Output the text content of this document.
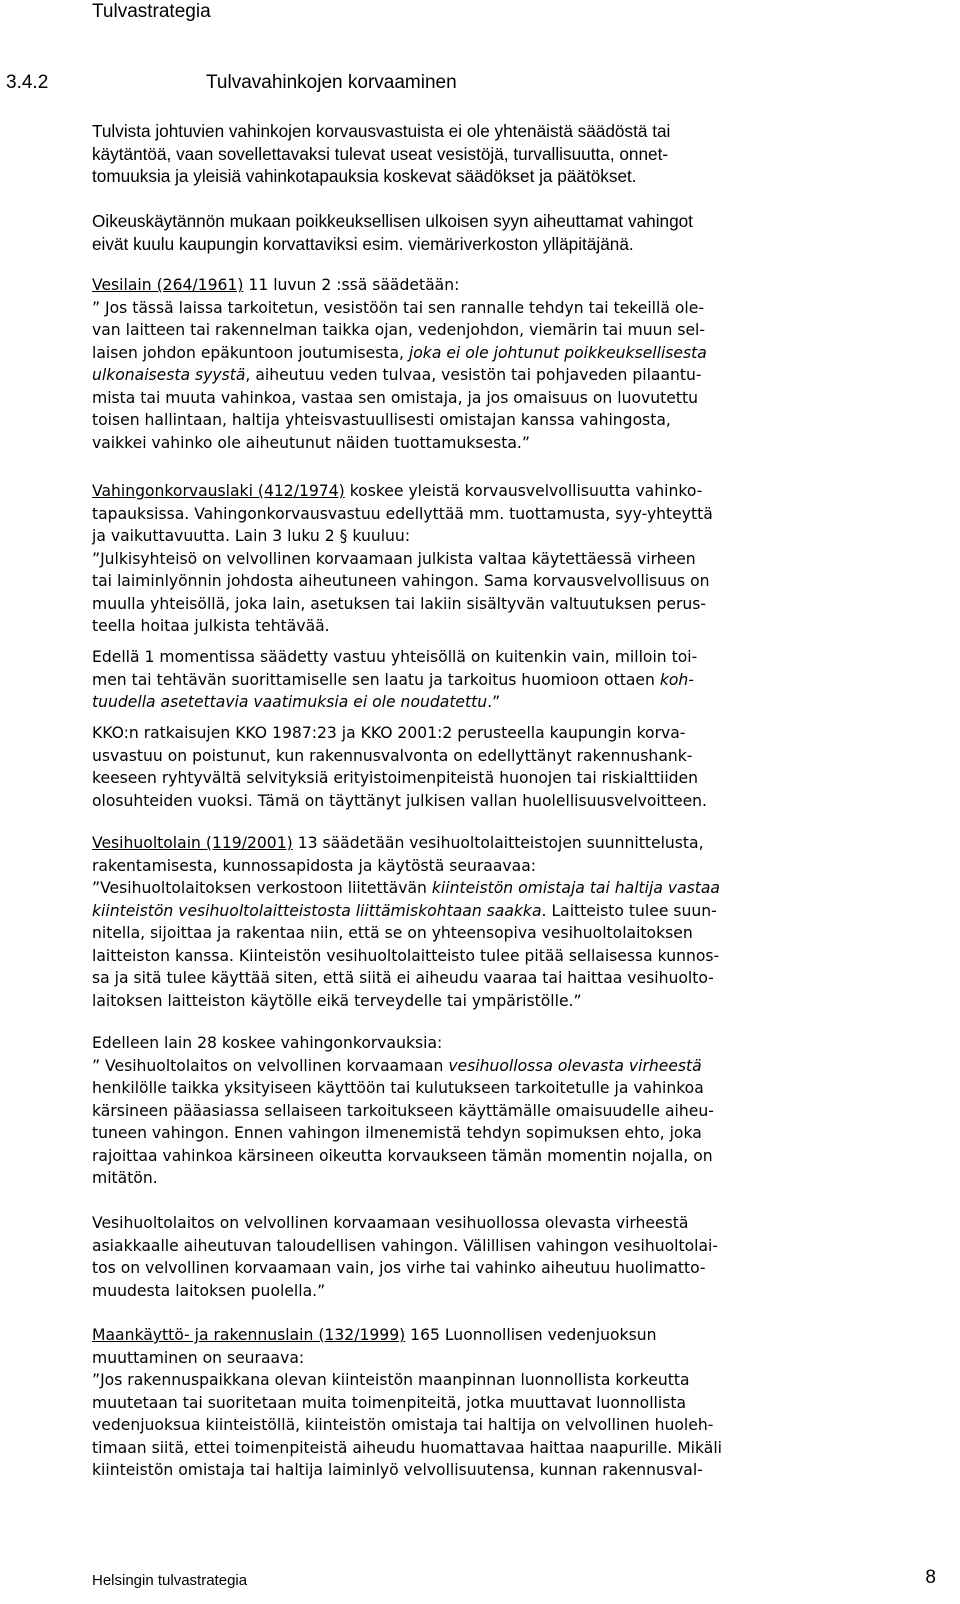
Tulvastrategia
3.4.2	Tulvavahinkojen korvaaminen

Tulvista johtuvien vahinkojen korvausvastuista ei ole yhtenäistä säädöstä tai

käytäntöä, vaan sovellettavaksi tulevat useat vesistöjä, turvallisuutta, onnet-

tomuuksia ja yleisiä vahinkotapauksia koskevat säädökset ja päätökset.

Oikeuskäytännön mukaan poikkeuksellisen ulkoisen syyn aiheuttamat vahingot

eivät kuulu kaupungin korvattaviksi esim. viemäriverkoston ylläpitäjänä.

Vesilain (264/1961) 11 luvun 2 :ssä säädetään:

” Jos tässä laissa tarkoitetun, vesistöön tai sen rannalle tehdyn tai tekeillä ole-

van laitteen tai rakennelman taikka ojan, vedenjohdon, viemärin tai muun sel-

laisen johdon epäkuntoon joutumisesta, joka ei ole johtunut poikkeuksellisesta

ulkonaisesta syystä, aiheutuu veden tulvaa, vesistön tai pohjaveden pilaantu-

mista tai muuta vahinkoa, vastaa sen omistaja, ja jos omaisuus on luovutettu

toisen hallintaan, haltija yhteisvastuullisesti omistajan kanssa vahingosta,

vaikkei vahinko ole aiheutunut näiden tuottamuksesta.”

Vahingonkorvauslaki (412/1974) koskee yleistä korvausvelvollisuutta vahinko-

tapauksissa. Vahingonkorvausvastuu edellyttää mm. tuottamusta, syy-yhteyttä

ja vaikuttavuutta. Lain 3 luku 2 § kuuluu:

”Julkisyhteisö on velvollinen korvaamaan julkista valtaa käytettäessä virheen

tai laiminlyönnin johdosta aiheutuneen vahingon. Sama korvausvelvollisuus on

muulla yhteisöllä, joka lain, asetuksen tai lakiin sisältyvän valtuutuksen perus-

teella hoitaa julkista tehtävää.

Edellä 1 momentissa säädetty vastuu yhteisöllä on kuitenkin vain, milloin toi-

men tai tehtävän suorittamiselle sen laatu ja tarkoitus huomioon ottaen koh-

tuudella asetettavia vaatimuksia ei ole noudatettu.”

KKO:n ratkaisujen KKO 1987:23 ja KKO 2001:2 perusteella kaupungin korva-

usvastuu on poistunut, kun rakennusvalvonta on edellyttänyt rakennushank-

keeseen ryhtyvältä selvityksiä erityistoimenpiteistä huonojen tai riskialttiiden

olosuhteiden vuoksi. Tämä on täyttänyt julkisen vallan huolellisuusvelvoitteen.

Vesihuoltolain (119/2001) 13 säädetään vesihuoltolaitteistojen suunnittelusta,

rakentamisesta, kunnossapidosta ja käytöstä seuraavaa:

”Vesihuoltolaitoksen verkostoon liitettävän kiinteistön omistaja tai haltija vastaa

kiinteistön vesihuoltolaitteistosta liittämiskohtaan saakka. Laitteisto tulee suun-

nitella, sijoittaa ja rakentaa niin, että se on yhteensopiva vesihuoltolaitoksen

laitteiston kanssa. Kiinteistön vesihuoltolaitteisto tulee pitää sellaisessa kunnos-

sa ja sitä tulee käyttää siten, että siitä ei aiheudu vaaraa tai haittaa vesihuolto-

laitoksen laitteiston käytölle eikä terveydelle tai ympäristölle.”

Edelleen lain 28 koskee vahingonkorvauksia:

” Vesihuoltolaitos on velvollinen korvaamaan vesihuollossa olevasta virheestä

henkilölle taikka yksityiseen käyttöön tai kulutukseen tarkoitetulle ja vahinkoa

kärsineen pääasiassa sellaiseen tarkoitukseen käyttämälle omaisuudelle aiheu-

tuneen vahingon. Ennen vahingon ilmenemistä tehdyn sopimuksen ehto, joka

rajoittaa vahinkoa kärsineen oikeutta korvaukseen tämän momentin nojalla, on

mitätön.

Vesihuoltolaitos on velvollinen korvaamaan vesihuollossa olevasta virheestä

asiakkaalle aiheutuvan taloudellisen vahingon. Välillisen vahingon vesihuoltolai-

tos on velvollinen korvaamaan vain, jos virhe tai vahinko aiheutuu huolimatto-

muudesta laitoksen puolella.”

Maankäyttö- ja rakennuslain (132/1999) 165 Luonnollisen vedenjuoksun

muuttaminen on seuraava:

”Jos rakennuspaikkana olevan kiinteistön maanpinnan luonnollista korkeutta

muutetaan tai suoritetaan muita toimenpiteitä, jotka muuttavat luonnollista

vedenjuoksua kiinteistöllä, kiinteistön omistaja tai haltija on velvollinen huoleh-

timaan siitä, ettei toimenpiteistä aiheudu huomattavaa haittaa naapurille. Mikäli

kiinteistön omistaja tai haltija laiminlyö velvollisuutensa, kunnan rakennusval-

Helsingin tulvastrategia	8
